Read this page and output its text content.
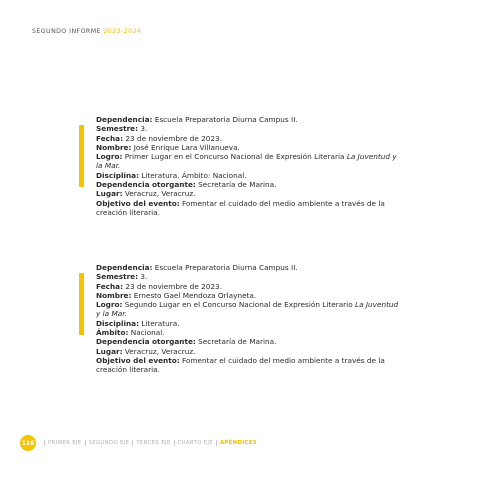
SEGUNDO INFORME 2023-2024

Dependencia: Escuela Preparatoria Diurna Campus II.

Semestre: 3.

Fecha: 23 de noviembre de 2023.

Nombre: José Enrique Lara Villanueva.

Logro: Primer Lugar en el Concurso Nacional de Expresión Literaria La Juventud y la Mar.

Disciplina: Literatura. Ámbito: Nacional.

Dependencia otorgante: Secretaría de Marina.

Lugar: Veracruz, Veracruz.

Objetivo del evento: Fomentar el cuidado del medio ambiente a través de la creación literaria.

Dependencia: Escuela Preparatoria Diurna Campus II.

Semestre: 3.

Fecha: 23 de noviembre de 2023.

Nombre: Ernesto Gael Mendoza Orlayneta.

Logro: Segundo Lugar en el Concurso Nacional de Expresión Literario La Juventud y la Mar.

Disciplina: Literatura.

Ámbito: Nacional.

Dependencia otorgante: Secretaría de Marina.

Lugar: Veracruz, Veracruz.

Objetivo del evento: Fomentar el cuidado del medio ambiente a través de la creación literaria.

116	PRIMER EJE	SEGUNDO EJE	TERCER EJE	CUARTO EJE	APÉNDICES
